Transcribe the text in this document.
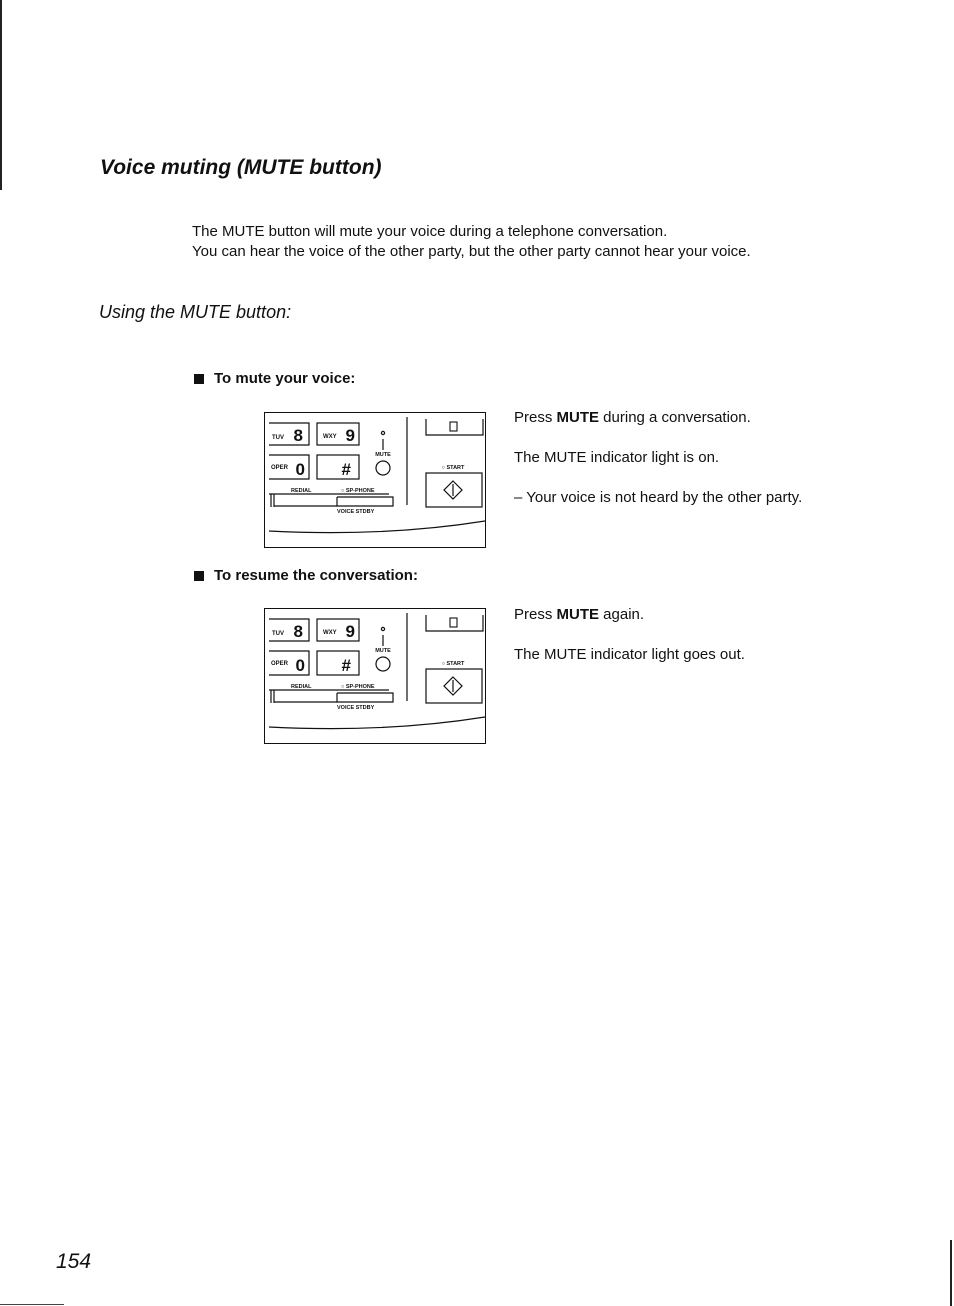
Voice muting (MUTE button)

The MUTE button will mute your voice during a telephone conversation.

You can hear the voice of the other party, but the other party cannot hear your voice.

Using the MUTE button:
To mute your voice:
TUV 8	WXY 9
MUTE
OPER 0 #
REDIAL	○ SP-PHONE
VOICE STDBY
○ START

Press MUTE during a conversation.

The MUTE indicator light is on.

– Your voice is not heard by the other party.

To resume the conversation:
TUV 8	WXY 9
MUTE
OPER 0 #
REDIAL	○ SP-PHONE
VOICE STDBY
○ START

Press MUTE again.

The MUTE indicator light goes out.

154
